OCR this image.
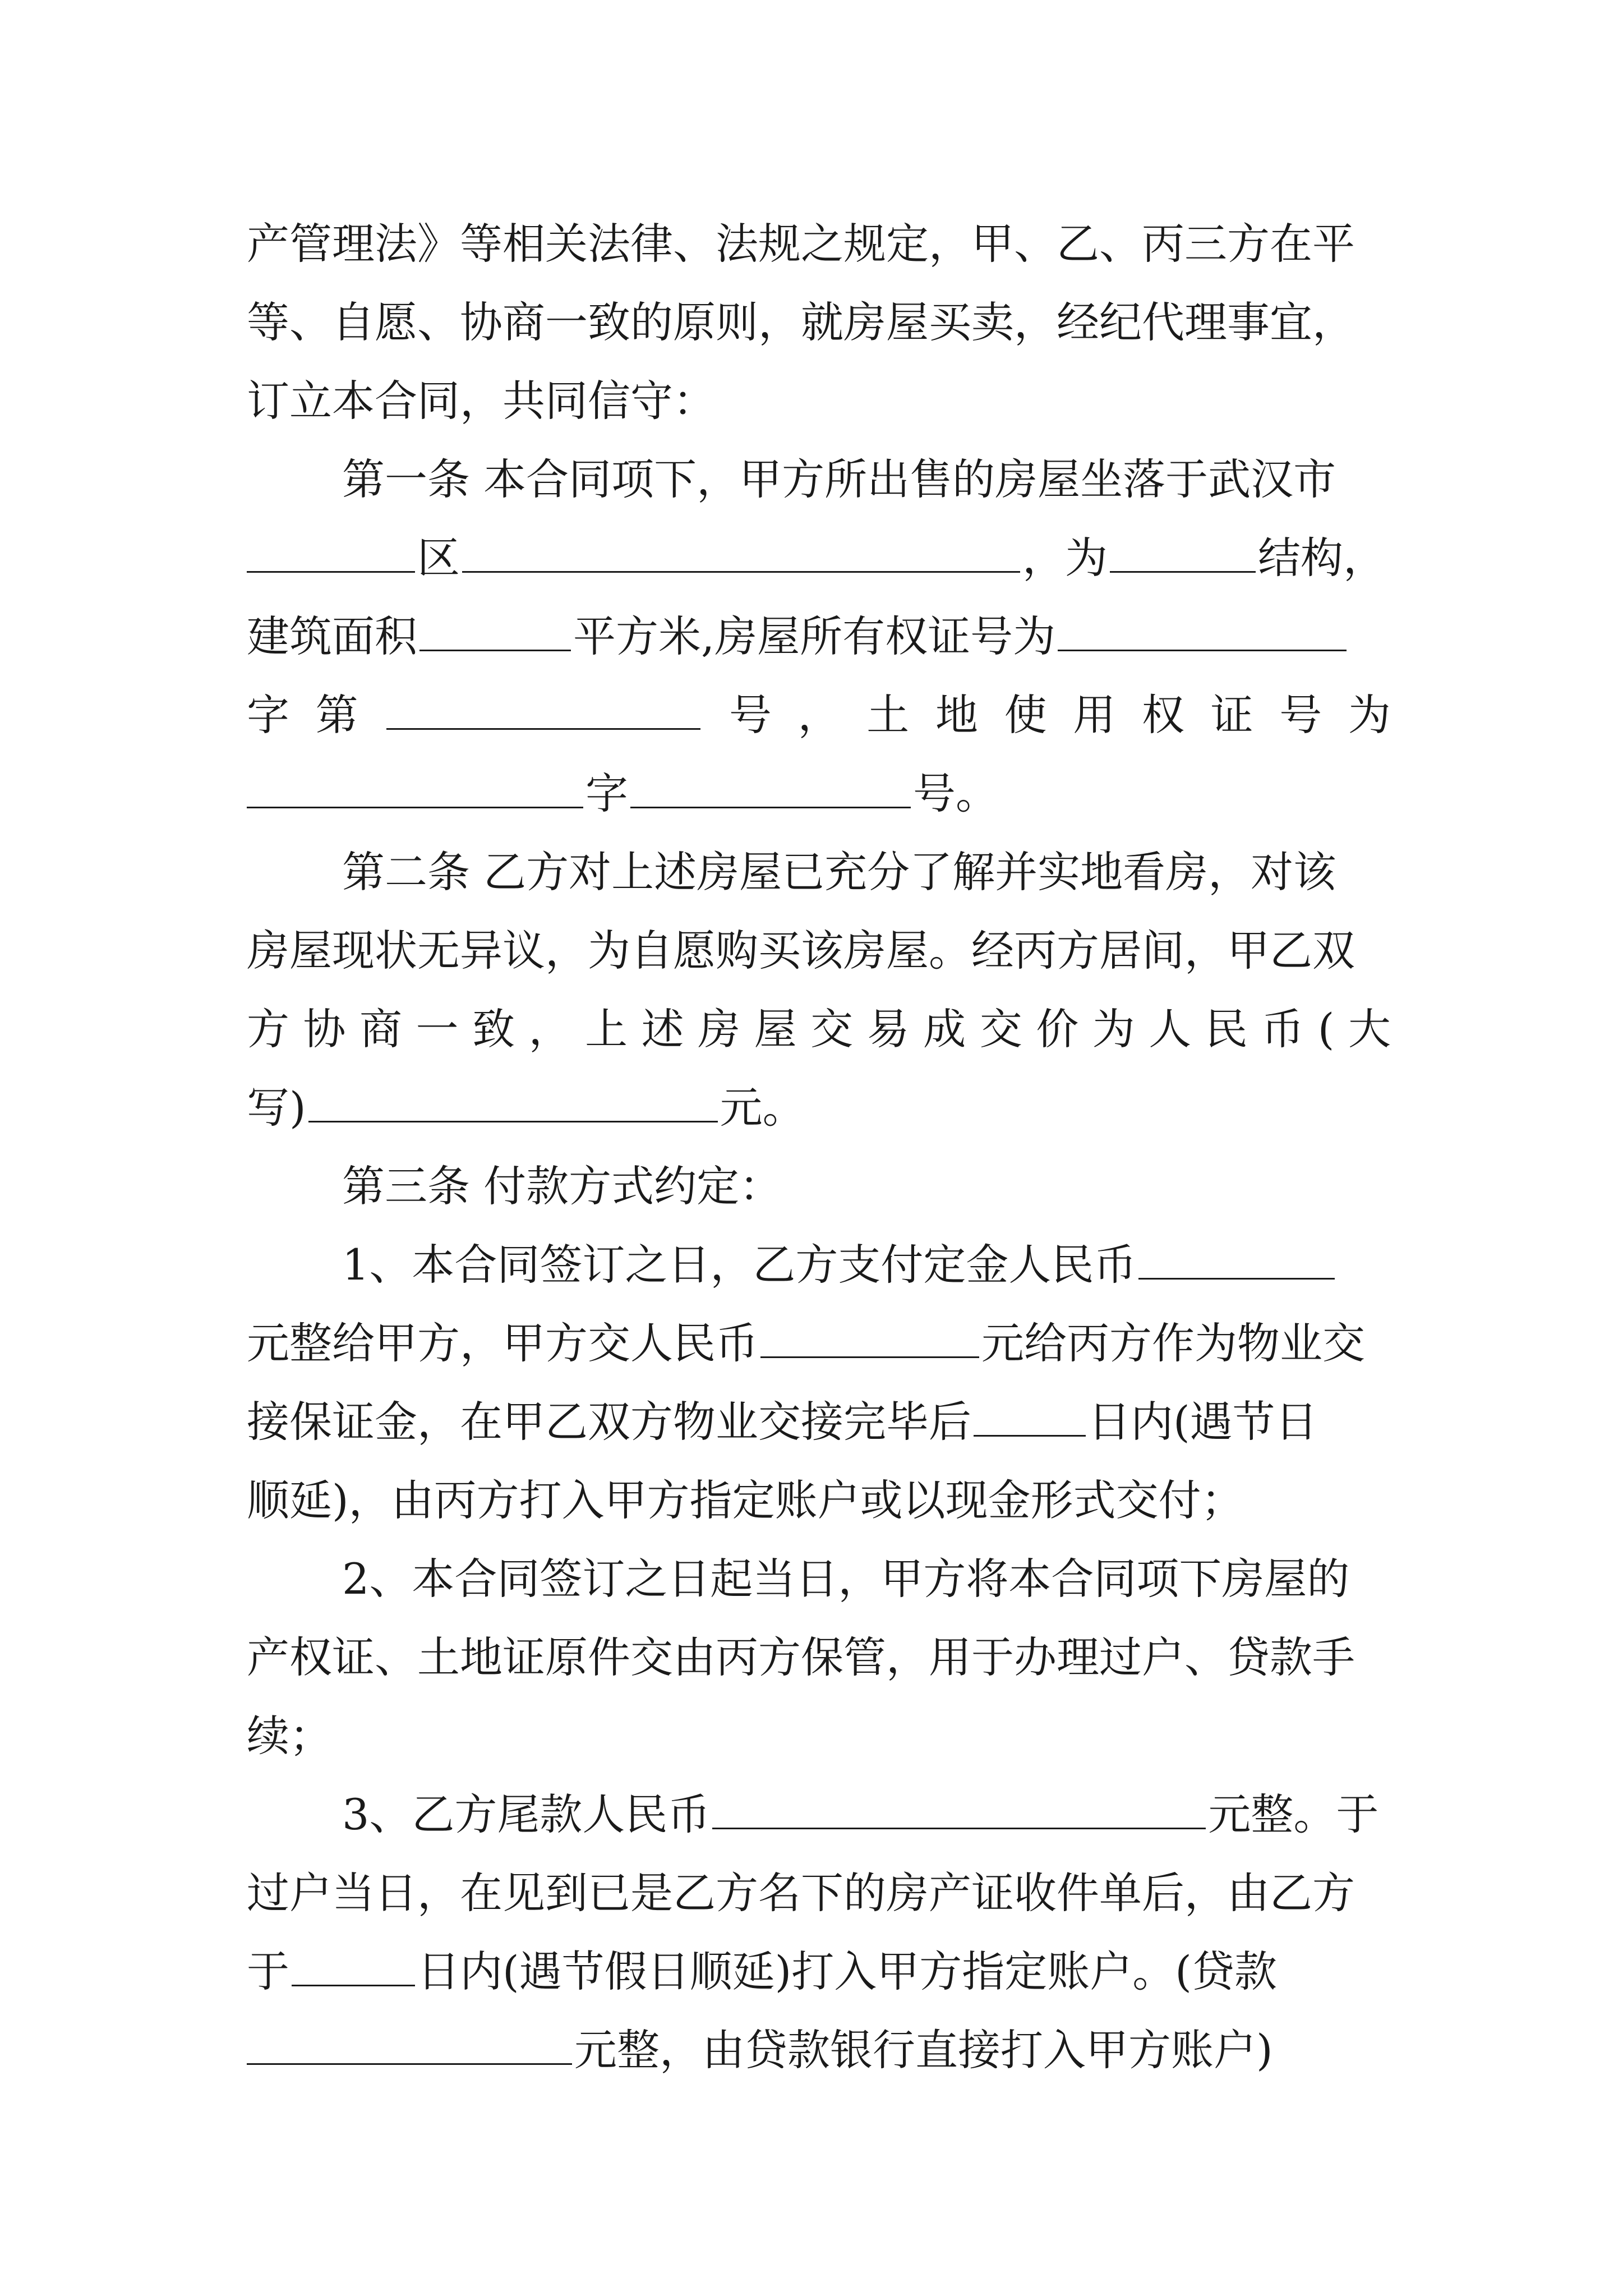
产管理法》等相关法律、法规之规定，甲、乙、丙三方在平
等、自愿、协商一致的原则，就房屋买卖，经纪代理事宜，
订立本合同，共同信守：
第一条 本合同项下，甲方所出售的房屋坐落于武汉市
区	，为	结构，
建筑面积	平方米,房屋所有权证号为
字 第	号 ， 土 地 使 用 权 证 号 为
字	号。
第二条 乙方对上述房屋已充分了解并实地看房，对该
房屋现状无异议，为自愿购买该房屋。经丙方居间，甲乙双
方 协 商 一 致 ， 上 述 房 屋 交 易 成 交 价 为 人 民 币 ( 大
写)	元。
第三条 付款方式约定：
1、本合同签订之日，乙方支付定金人民币
元整给甲方，甲方交人民币	元给丙方作为物业交
接保证金，在甲乙双方物业交接完毕后	日内(遇节日
顺延)，由丙方打入甲方指定账户或以现金形式交付；
2、本合同签订之日起当日，甲方将本合同项下房屋的
产权证、土地证原件交由丙方保管，用于办理过户、贷款手
续；
3、乙方尾款人民币	元整。于
过户当日，在见到已是乙方名下的房产证收件单后，由乙方
于	日内(遇节假日顺延)打入甲方指定账户。(贷款
元整，由贷款银行直接打入甲方账户)
